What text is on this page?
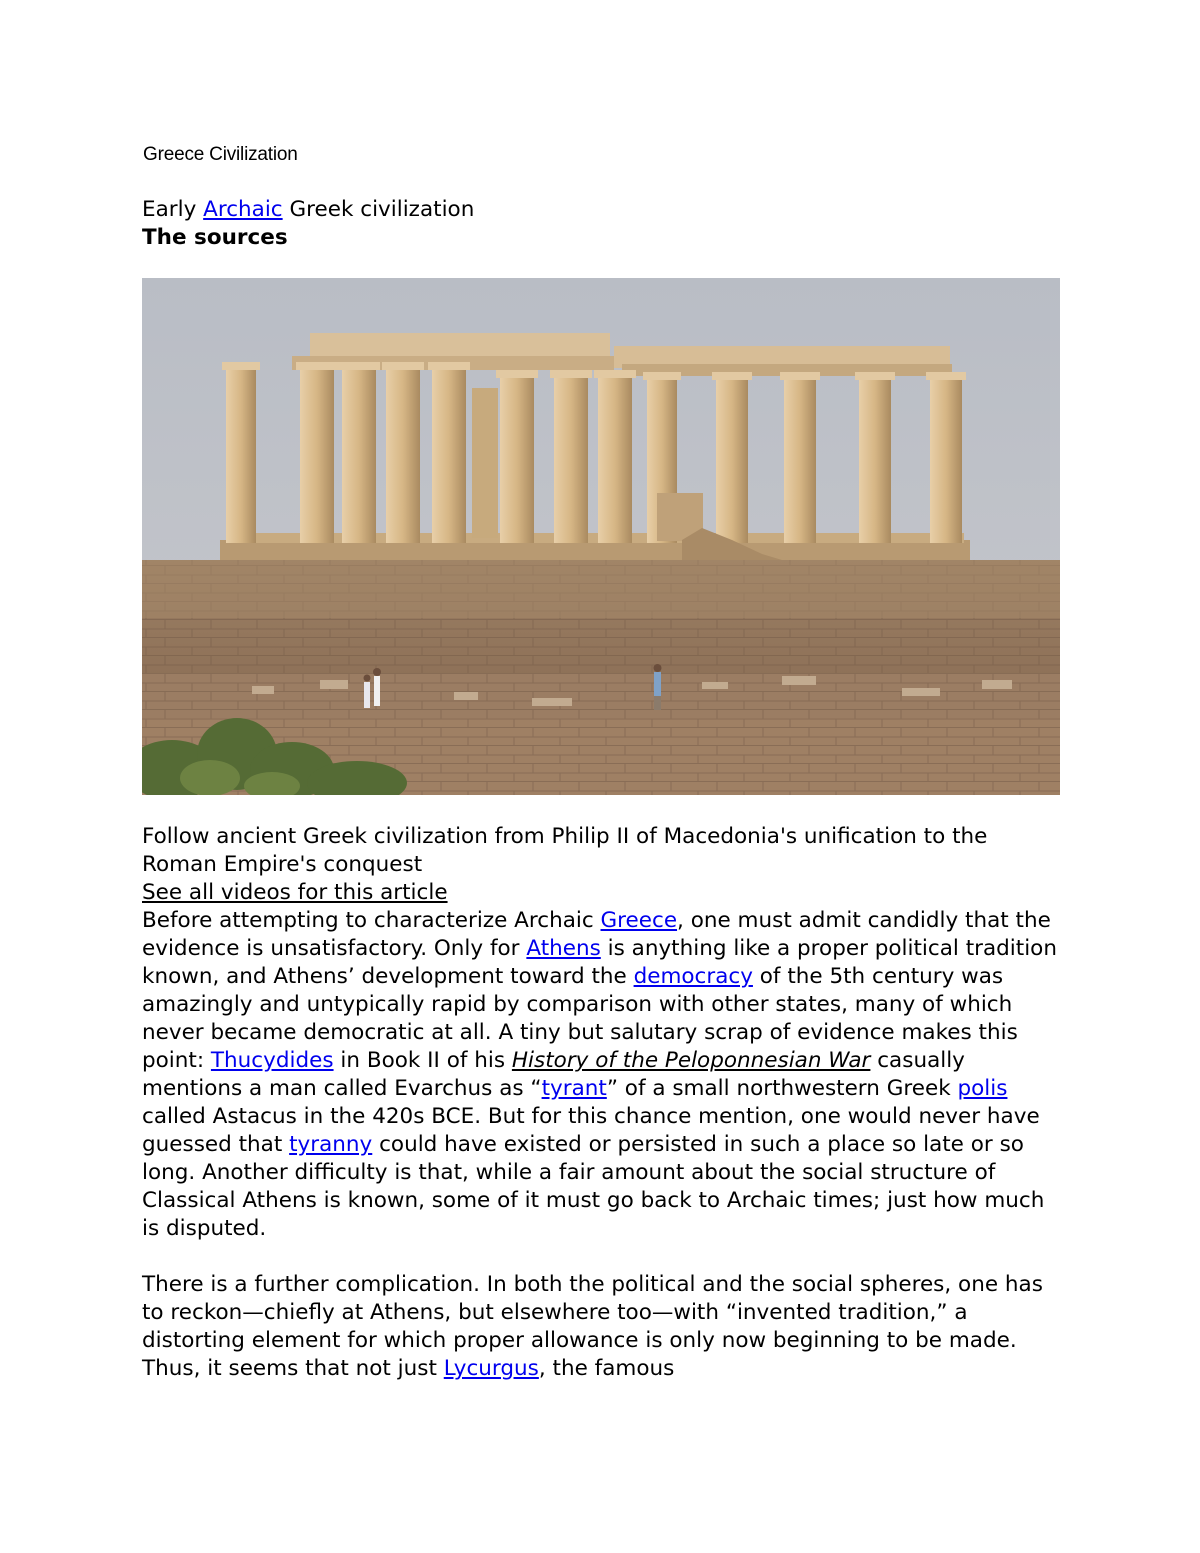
Greece Civilization
Early Archaic Greek civilization
The sources
Follow ancient Greek civilization from Philip II of Macedonia's unification to the Roman Empire's conquest
See all videos for this article

Before attempting to characterize Archaic Greece, one must admit candidly that the evidence is unsatisfactory. Only for Athens is anything like a proper political tradition known, and Athens’ development toward the democracy of the 5th century was amazingly and untypically rapid by comparison with other states, many of which never became democratic at all. A tiny but salutary scrap of evidence makes this point: Thucydides in Book II of his History of the Peloponnesian War casually mentions a man called Evarchus as “tyrant” of a small northwestern Greek polis called Astacus in the 420s BCE. But for this chance mention, one would never have guessed that tyranny could have existed or persisted in such a place so late or so long. Another difficulty is that, while a fair amount about the social structure of Classical Athens is known, some of it must go back to Archaic times; just how much is disputed.

There is a further complication. In both the political and the social spheres, one has to reckon—chiefly at Athens, but elsewhere too—with “invented tradition,” a distorting element for which proper allowance is only now beginning to be made. Thus, it seems that not just Lycurgus, the famous
